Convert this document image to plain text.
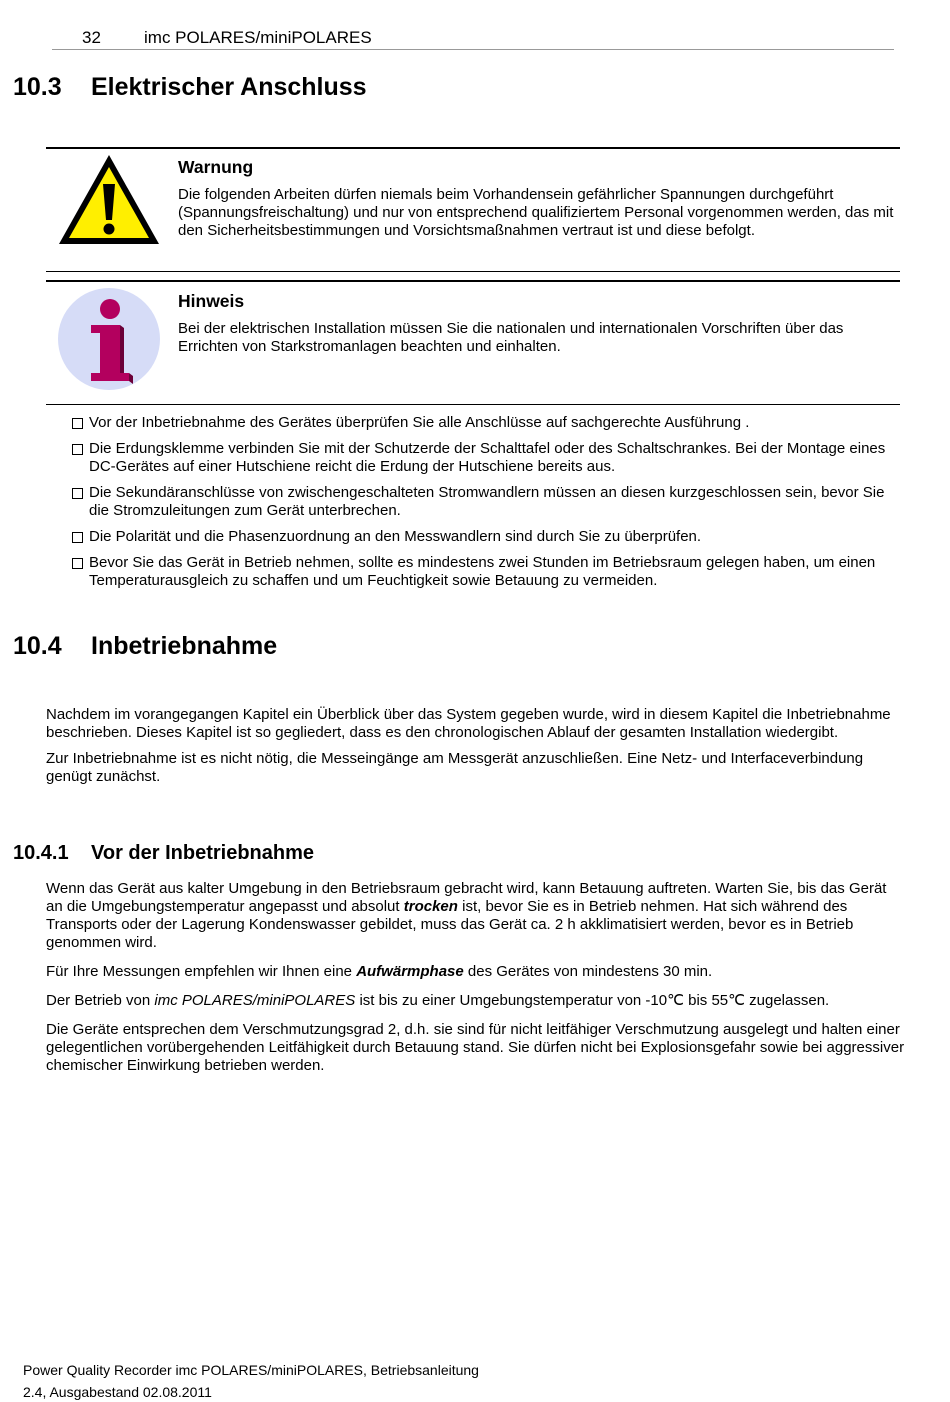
32	imc POLARES/miniPOLARES
10.3 Elektrischer Anschluss
Warnung
Die folgenden Arbeiten dürfen niemals beim Vorhandensein gefährlicher Spannungen durchgeführt (Spannungsfreischaltung) und nur von entsprechend qualifiziertem Personal vorgenommen werden, das mit den Sicherheitsbestimmungen und Vorsichtsmaßnahmen vertraut ist und diese befolgt.
Hinweis
Bei der elektrischen Installation müssen Sie die nationalen und internationalen Vorschriften über das Errichten von Starkstromanlagen beachten und einhalten.
Vor der Inbetriebnahme des Gerätes überprüfen Sie alle Anschlüsse auf sachgerechte Ausführung .
Die Erdungsklemme verbinden Sie mit der Schutzerde der Schalttafel oder des Schaltschrankes. Bei der Montage eines DC-Gerätes auf einer Hutschiene reicht die Erdung der Hutschiene bereits aus.
Die Sekundäranschlüsse von zwischengeschalteten Stromwandlern müssen an diesen kurzgeschlossen sein, bevor Sie die Stromzuleitungen zum Gerät unterbrechen.
Die Polarität und die Phasenzuordnung an den Messwandlern sind durch Sie zu überprüfen.
Bevor Sie das Gerät in Betrieb nehmen, sollte es mindestens zwei Stunden im Betriebsraum gelegen haben, um einen Temperaturausgleich zu schaffen und um Feuchtigkeit sowie Betauung zu vermeiden.
10.4 Inbetriebnahme

Nachdem im vorangegangen Kapitel ein Überblick über das System gegeben wurde, wird in diesem Kapitel die Inbetriebnahme beschrieben. Dieses Kapitel ist so gegliedert, dass es den chronologischen Ablauf der gesamten Installation wiedergibt.

Zur Inbetriebnahme ist es nicht nötig, die Messeingänge am Messgerät anzuschließen. Eine Netz- und Interfaceverbindung genügt zunächst.

10.4.1 Vor der Inbetriebnahme

Wenn das Gerät aus kalter Umgebung in den Betriebsraum gebracht wird, kann Betauung auftreten. Warten Sie, bis das Gerät an die Umgebungstemperatur angepasst und absolut trocken ist, bevor Sie es in Betrieb nehmen. Hat sich während des Transports oder der Lagerung Kondenswasser gebildet, muss das Gerät ca. 2 h akklimatisiert werden, bevor es in Betrieb genommen wird.

Für Ihre Messungen empfehlen wir Ihnen eine Aufwärmphase des Gerätes von mindestens 30 min.

Der Betrieb von imc POLARES/miniPOLARES ist bis zu einer Umgebungstemperatur von -10℃ bis 55℃ zugelassen.

Die Geräte entsprechen dem Verschmutzungsgrad 2, d.h. sie sind für nicht leitfähiger Verschmutzung ausgelegt und halten einer gelegentlichen vorübergehenden Leitfähigkeit durch Betauung stand. Sie dürfen nicht bei Explosionsgefahr sowie bei aggressiver chemischer Einwirkung betrieben werden.

Power Quality Recorder imc POLARES/miniPOLARES, Betriebsanleitung
2.4, Ausgabestand 02.08.2011
